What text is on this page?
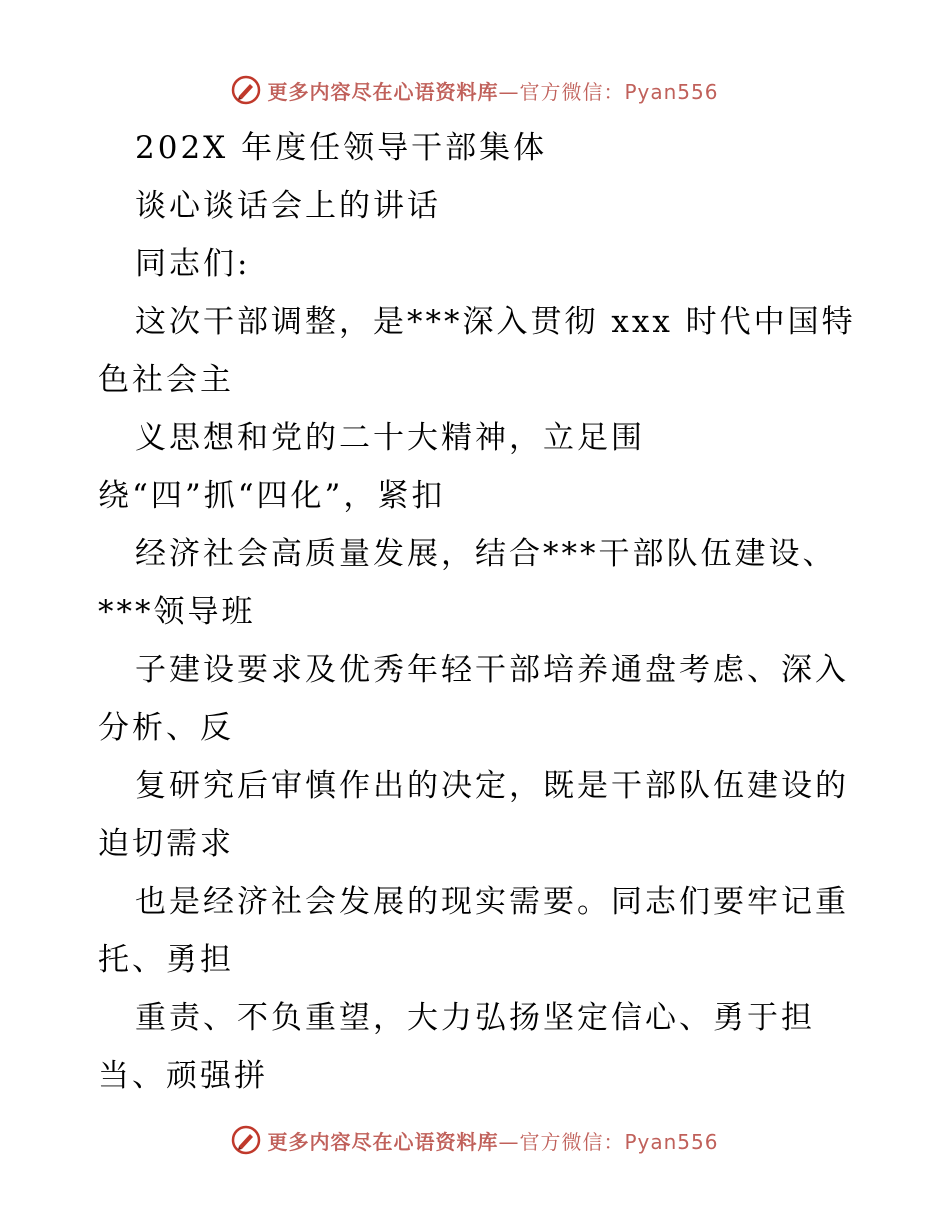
更多内容尽在心语资料库 —官方微信：Pyan556
202X 年度任领导干部集体
谈心谈话会上的讲话
同志们:
这次干部调整，是***深入贯彻 xxx 时代中国特
色社会主
义思想和党的二十大精神，立足围
绕“四”抓“四化”，紧扣
经济社会高质量发展，结合***干部队伍建设、
***领导班
子建设要求及优秀年轻干部培养通盘考虑、深入
分析、反
复研究后审慎作出的决定，既是干部队伍建设的
迫切需求
也是经济社会发展的现实需要。同志们要牢记重
托、勇担
重责、不负重望，大力弘扬坚定信心、勇于担
当、顽强拼
更多内容尽在心语资料库 —官方微信：Pyan556
